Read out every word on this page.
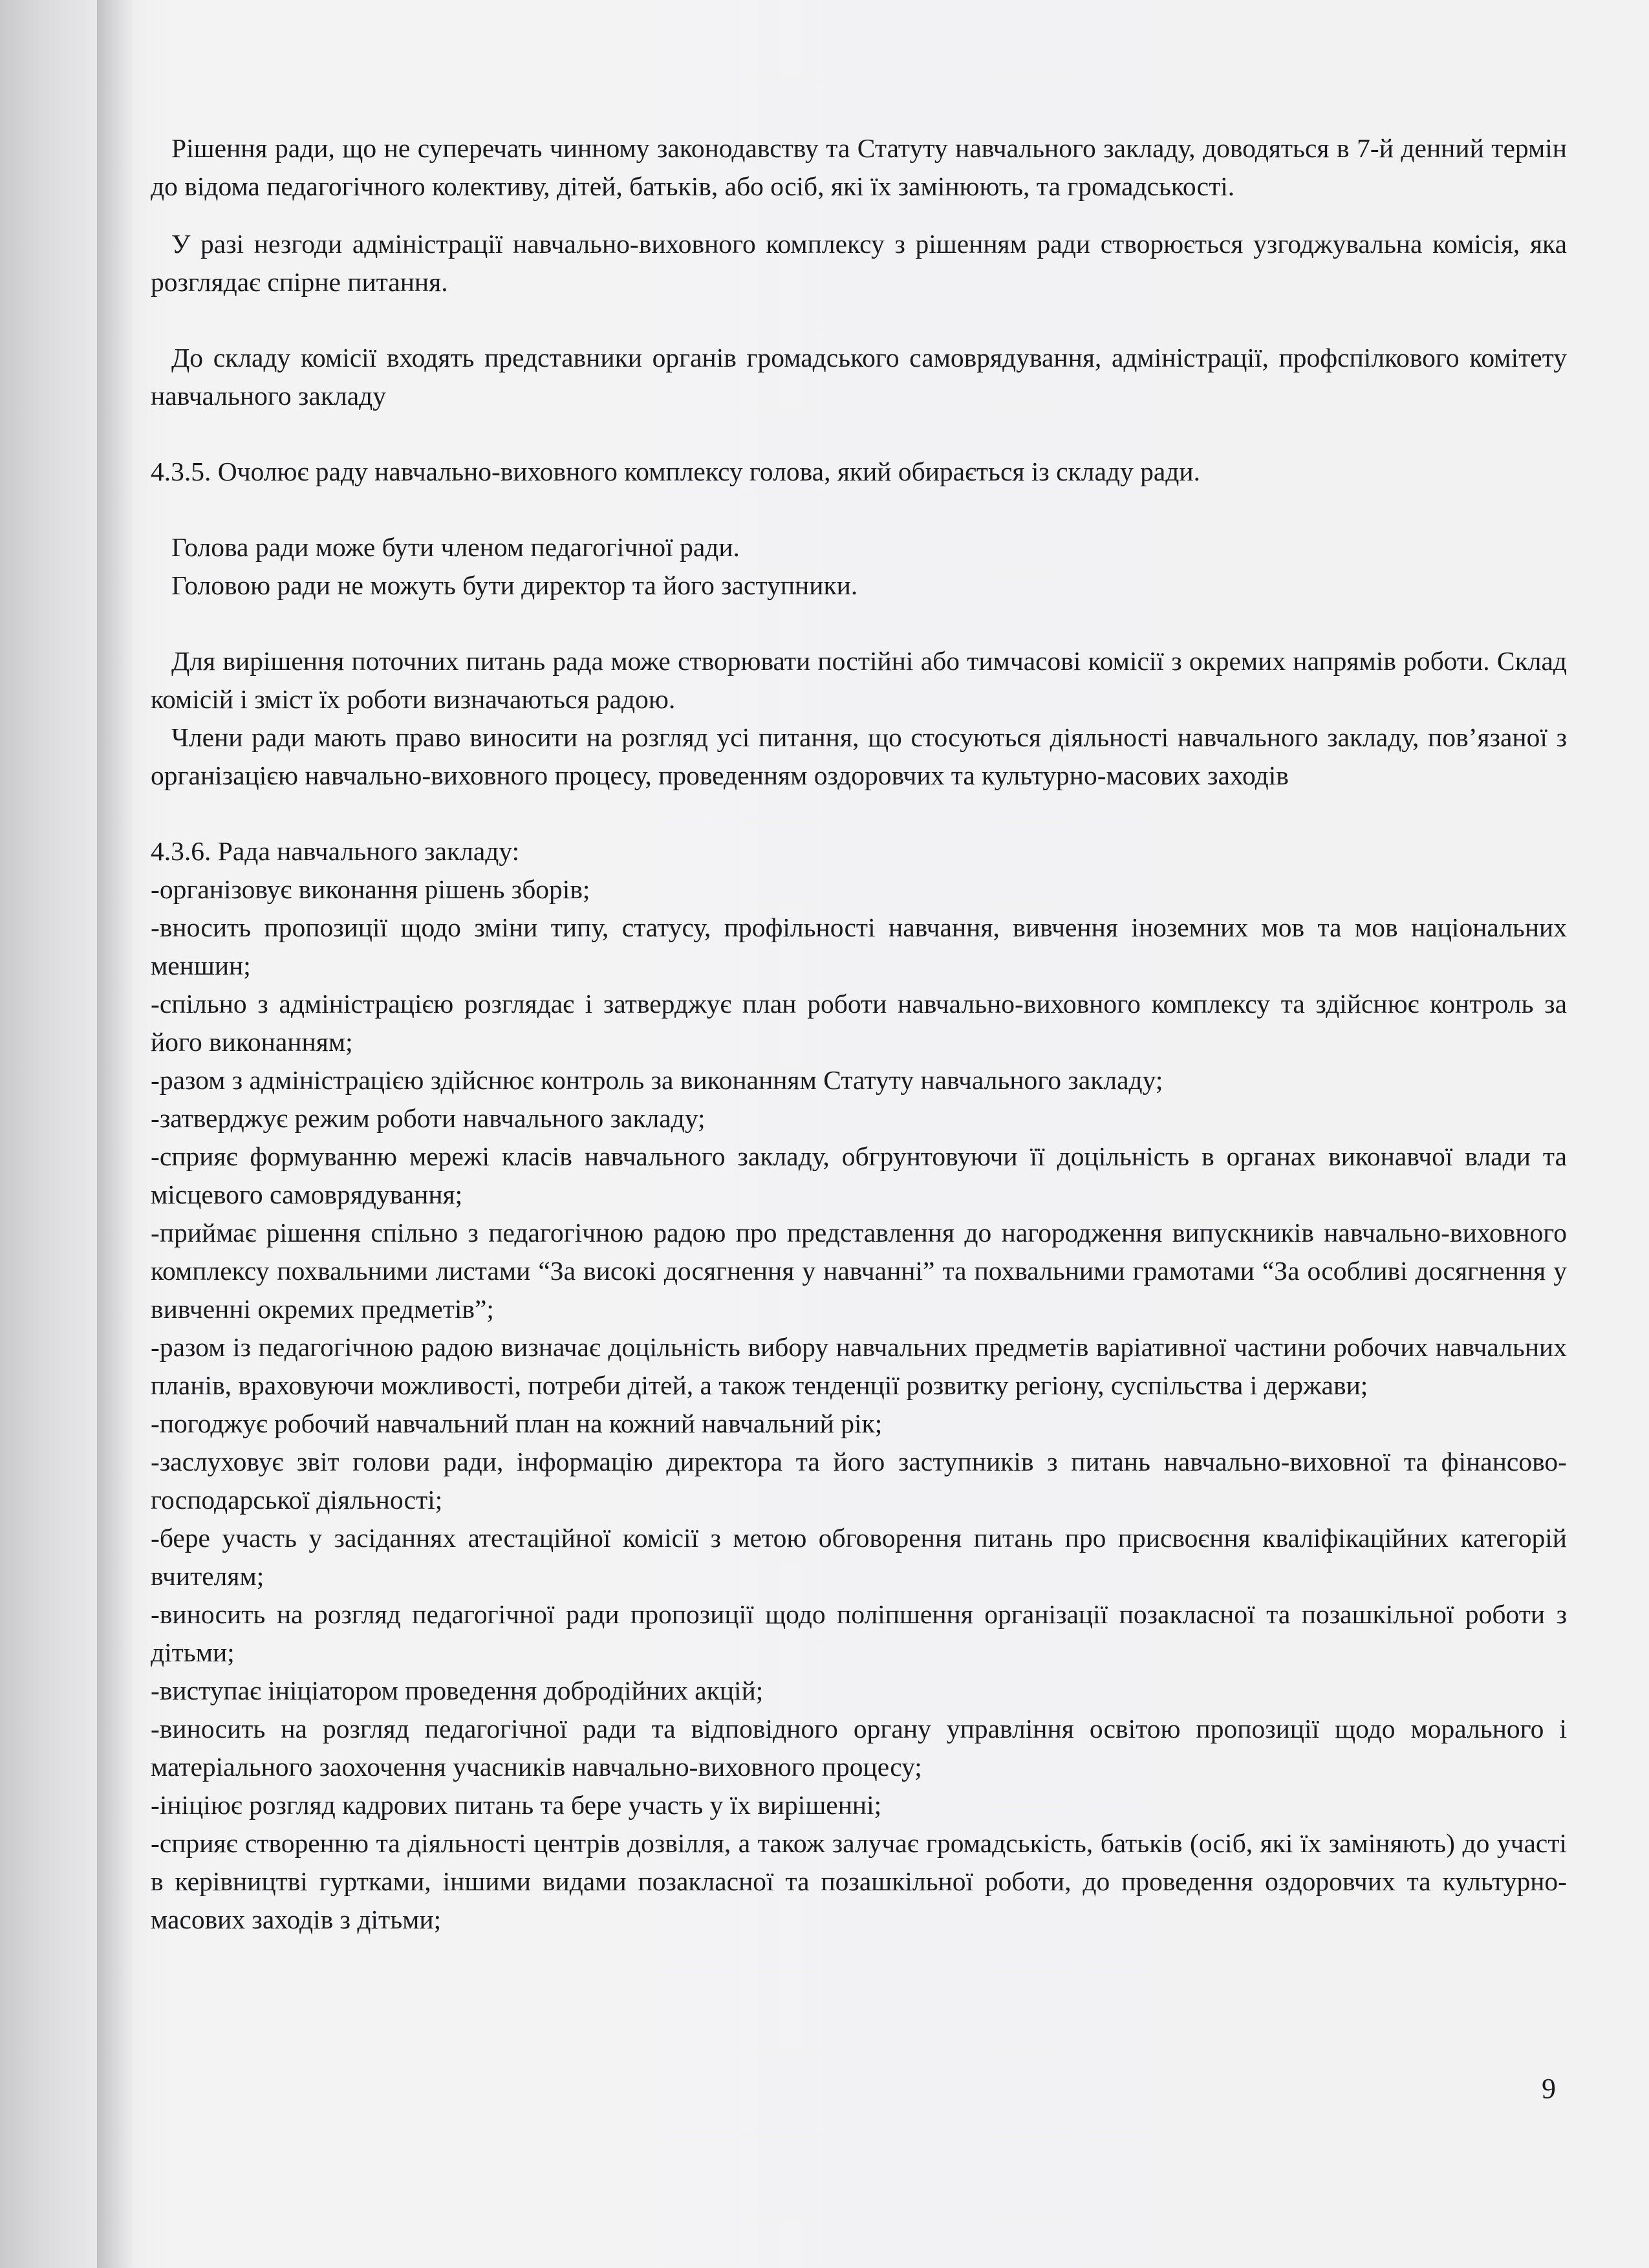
Рішення ради, що не суперечать чинному законодавству та Статуту навчального закладу, доводяться в 7-й денний термін до відома педагогічного колективу, дітей, батьків, або осіб, які їх замінюють, та громадськості.

У разі незгоди адміністрації навчально-виховного комплексу з рішенням ради створюється узгоджувальна комісія, яка розглядає спірне питання.

До складу комісії входять представники органів громадського самоврядування, адміністрації, профспілкового комітету навчального закладу

4.3.5. Очолює раду навчально-виховного комплексу голова, який обирається із складу ради.

Голова ради може бути членом педагогічної ради.

Головою ради не можуть бути директор та його заступники.

Для вирішення поточних питань рада може створювати постійні або тимчасові комісії з окремих напрямів роботи. Склад комісій і зміст їх роботи визначаються радою.

Члени ради мають право виносити на розгляд усі питання, що стосуються діяльності навчального закладу, пов’язаної з організацією навчально-виховного процесу, проведенням оздоровчих та культурно-масових заходів

4.3.6. Рада навчального закладу:

-організовує виконання рішень зборів;

-вносить пропозиції щодо зміни типу, статусу, профільності навчання, вивчення іноземних мов та мов національних меншин;

-спільно з адміністрацією розглядає і затверджує план роботи навчально-виховного комплексу та здійснює контроль за його виконанням;

-разом з адміністрацією здійснює контроль за виконанням Статуту навчального закладу;

-затверджує режим роботи навчального закладу;

-сприяє формуванню мережі класів навчального закладу, обгрунтовуючи її доцільність в органах виконавчої влади та місцевого самоврядування;

-приймає рішення спільно з педагогічною радою про представлення до нагородження випускників навчально-виховного комплексу похвальними листами “За високі досягнення у навчанні” та похвальними грамотами “За особливі досягнення у вивченні окремих предметів”;

-разом із педагогічною радою визначає доцільність вибору навчальних предметів варіативної частини робочих навчальних планів, враховуючи можливості, потреби дітей, а також тенденції розвитку регіону, суспільства і держави;

-погоджує робочий навчальний план на кожний навчальний рік;

-заслуховує звіт голови ради, інформацію директора та його заступників з питань навчально-виховної та фінансово-господарської діяльності;

-бере участь у засіданнях атестаційної комісії з метою обговорення питань про присвоєння кваліфікаційних категорій вчителям;

-виносить на розгляд педагогічної ради пропозиції щодо поліпшення організації позакласної та позашкільної роботи з дітьми;

-виступає ініціатором проведення добродійних акцій;

-виносить на розгляд педагогічної ради та відповідного органу управління освітою пропозиції щодо морального і матеріального заохочення учасників навчально-виховного процесу;

-ініціює розгляд кадрових питань та бере участь у їх вирішенні;

-сприяє створенню та діяльності центрів дозвілля, а також залучає громадськість, батьків (осіб, які їх заміняють) до участі в керівництві гуртками, іншими видами позакласної та позашкільної роботи, до проведення оздоровчих та культурно-масових заходів з дітьми;

9
